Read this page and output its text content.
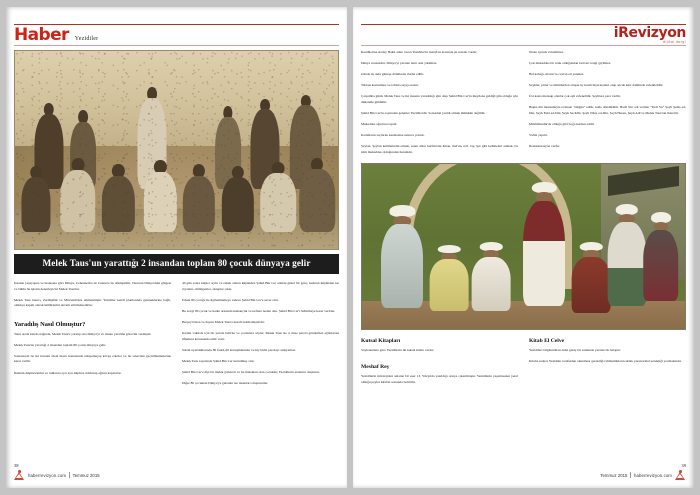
Haber Yezidiler
Melek Taus'un yarattığı 2 insandan toplam 80 çocuk dünyaya gelir

İnsanın yaşayışına ve inanışına göre Dünya, Cehennem'e de Cennet'e de dönüşebilir. Tanrının Dünya'daki gölgesi ve bütün bu işlerin denetleyicisi Melek Taus'tur.

Melek Taus inancı, Zerdüştlük ve Mitraizm'den etkilenmiştir. Yezidiler kendi planlarında geleneklerine bağlı, oldukça kapalı olarak kültürlerini devam ettirmektedirler.

Yaradılış Nasıl Olmuştur?

Tanrı Azda kendi otağında, Melek Taus'u yaratıp ona Dünya'yı ve insanı yaratma görevini vermiştir.

Melek Taus'un yarattığı 2 insandan toplam 80 çocuk dünyaya gelir.

Sonrasında bu iki insanın ideal insan konusunda anlaşamayıp kavga ederler ve bu sınavdan geçirilmemelerine karar verilir.

İkisinin düşüncelerini ve ruhlarını ayrı ayrı küplere doldurup ağzını kapatırlar.

40 gün sonra küpler açılır ve erkek olanın küpünden Şahid Bin Cer adında güzel bir genç, kadının küpünden ise çiyanlar, sürüngenler, akrepler çıkar.

Erkek 80 çocuğu ile ilgilenmemeye sadece Şahid Bin Cer'e sever olur.

Bu sevgi 80 çocuk ve kadın arasında kıskançlık ve nefrete neden olur. Şahid Bin Cer'i öldürmeye karar verirler.

Herşeyi bilen ve duyan Melek Taus'a hesabı katmamışlardır.

Kadını vakitsiz için bir parola belirler ve çocuklara söyler. Melek Taus ise 4 cinse parola gönderilen ağlatlarına üflemesi konusunda emir verir.

Sabah uyandıklarında 80 farklı dil konuşmaktadır ve hiç birisi parolayı anlayamaz.

Melek Taus sayesinde Şahid Bin Cer kurtulmuş olur.

Şahid Bin Cer'e dişi bir melek gönderir ve bu melekten olan çocuklar, Yezidilerin atalarını oluşturur.

Diğer 80 çocuktan Dünya'ya gelenler ise insanları oluştururlar.

38
haberrevizyon.com Temmuz 2015
iRevizyon
dijital dergi

Kendilerine Azday Haklı adını veren Yezidiler'in inançları arasında şu esaslar vardır;

Dünya sonsuzdur, Dünya'yı yaratan tanrı asla yıkılmaz.

Günde üç defa güneşe dönülerek ibadet edilir.

Tabiata korunması ve tabiata saygı esastır.

Çarşamba günü, Melek Taus ve iki insanın yaratıldığı gün olup Şahid Bin Cer'in meydana geldiği gün olduğu için dinlenme günüdür.

Şahid Bin Cer'in soyundan gelenler Yezidilerdir. Sonradan yezidi olmak mümkün değildir.

Mukaddes ağaçlara tapılır.

Kadınların saçlarını kesmesine uzunca yoktur.

Şeytan, Şeytan kelimelerini etmek, satan adını harfelerini Kitan, mel'un, na'l, lay, Şer gibi kelimeleri anmak, bu isim mukaddes olduğundan haramdır.

Nisan ayında evlenilmez.

Çok mukaddes bir renk olduğundan lacivert rengi giyilmez.

Bal kabağı, marul ve ceylan eti yenmez.

Şeyhler, pirler ve müritlerden oluşan üç kastlı hiyerarşileri olup ancak kast dahilinde evlenilebilir.

Üst kasta mensup olanlar çok eşli evlenebilir. Şeyhlere para verilir.

Başka din mensubuyla evlenen "sürgün" edilir, katle döndürülür. Harfi Sirr adı verilen "Yedi Sır" Şeyh Şems ed-Din, Şeyh Fahr ed-Din, Şeyh Sacâdîn, Şeyh Nâsır ed-Din, Şeyh Hesen, Şeyh Adî ve Melek Taus'tan ibarettir.

Müslümanlık'da olduğu gibi boğa kurban edilir.

Vaftiz yapılır.

Reenkarnasyon vardır.

Kutsal Kitapları

Söylenenlere göre Yezidilerin iki kutsal kitabı vardır;

Meshaf Reş

Yezidilerin mitolojisini anlatan bir eser 13. Yüzyılda yazıldığı ortaya çıkarılmıştır. Yezidilerin yaşamasının yerel olduğu peyler kitabın sonunda belirtilir.

Kitab El Celve

Yezidileri bilgilendiren daha geniş bir zamanda yazılan bir kitaptır.

Kitaba sadece Yezidiler tarafından okunması gerektiği rahmanlıkların aklını paranormal perektiği yozmaktadır.

39
Temmuz 2015 haberrevizyon.com
